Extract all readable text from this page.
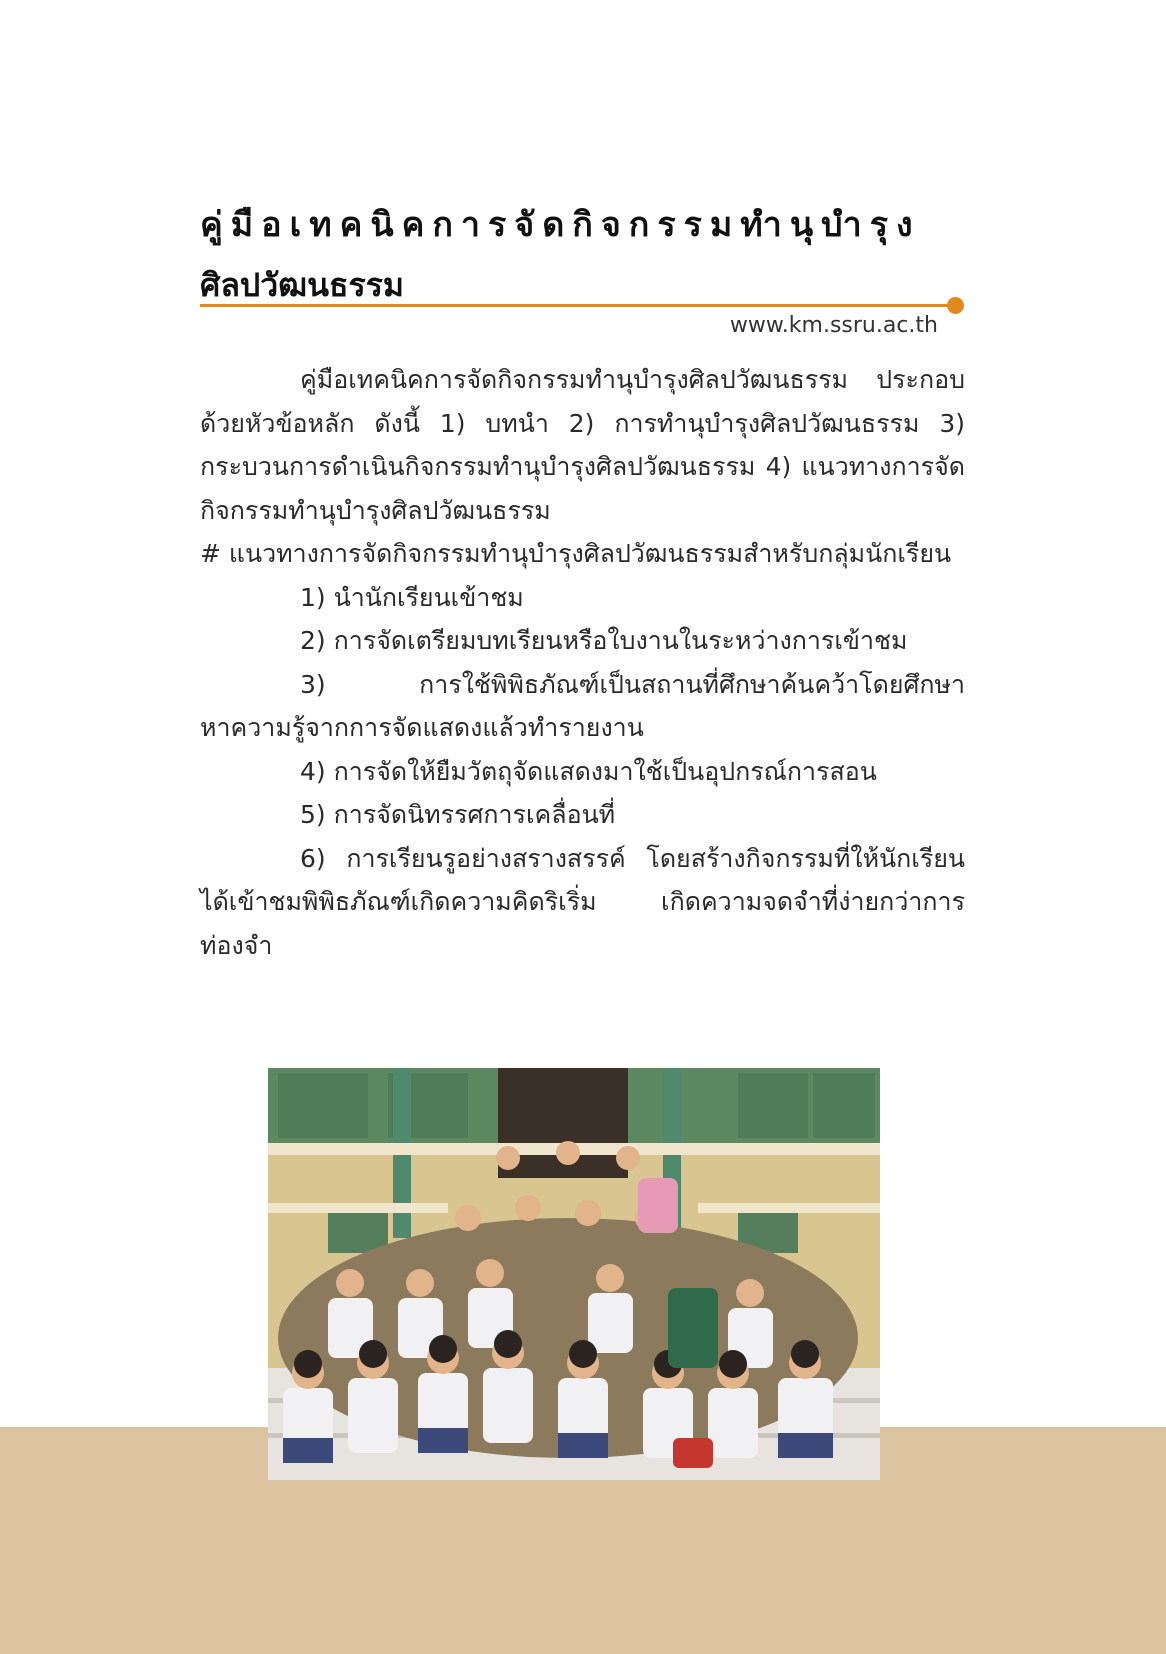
คู่มือเทคนิคการจัดกิจกรรมทำนุบำรุง
ศิลปวัฒนธรรม
www.km.ssru.ac.th

คู่มือเทคนิคการจัดกิจกรรมทำนุบำรุงศิลปวัฒนธรรม ประกอบด้วยหัวข้อหลัก ดังนี้ 1) บทนำ 2) การทำนุบำรุงศิลปวัฒนธรรม 3) กระบวนการดำเนินกิจกรรมทำนุบำรุงศิลปวัฒนธรรม 4) แนวทางการจัดกิจกรรมทำนุบำรุงศิลปวัฒนธรรม

# แนวทางการจัดกิจกรรมทำนุบำรุงศิลปวัฒนธรรมสำหรับกลุ่มนักเรียน

1) นำนักเรียนเข้าชม

2) การจัดเตรียมบทเรียนหรือใบงานในระหว่างการเข้าชม

3) การใช้พิพิธภัณฑ์เป็นสถานที่ศึกษาค้นคว้าโดยศึกษาหาความรู้จากการจัดแสดงแล้วทำรายงาน

4) การจัดให้ยืมวัตถุจัดแสดงมาใช้เป็นอุปกรณ์การสอน

5) การจัดนิทรรศการเคลื่อนที่

6) การเรียนรูอย่างสรางสรรค์ โดยสร้างกิจกรรมที่ให้นักเรียนได้เข้าชมพิพิธภัณฑ์เกิดความคิดริเริ่ม เกิดความจดจำที่ง่ายกว่าการท่องจำ
